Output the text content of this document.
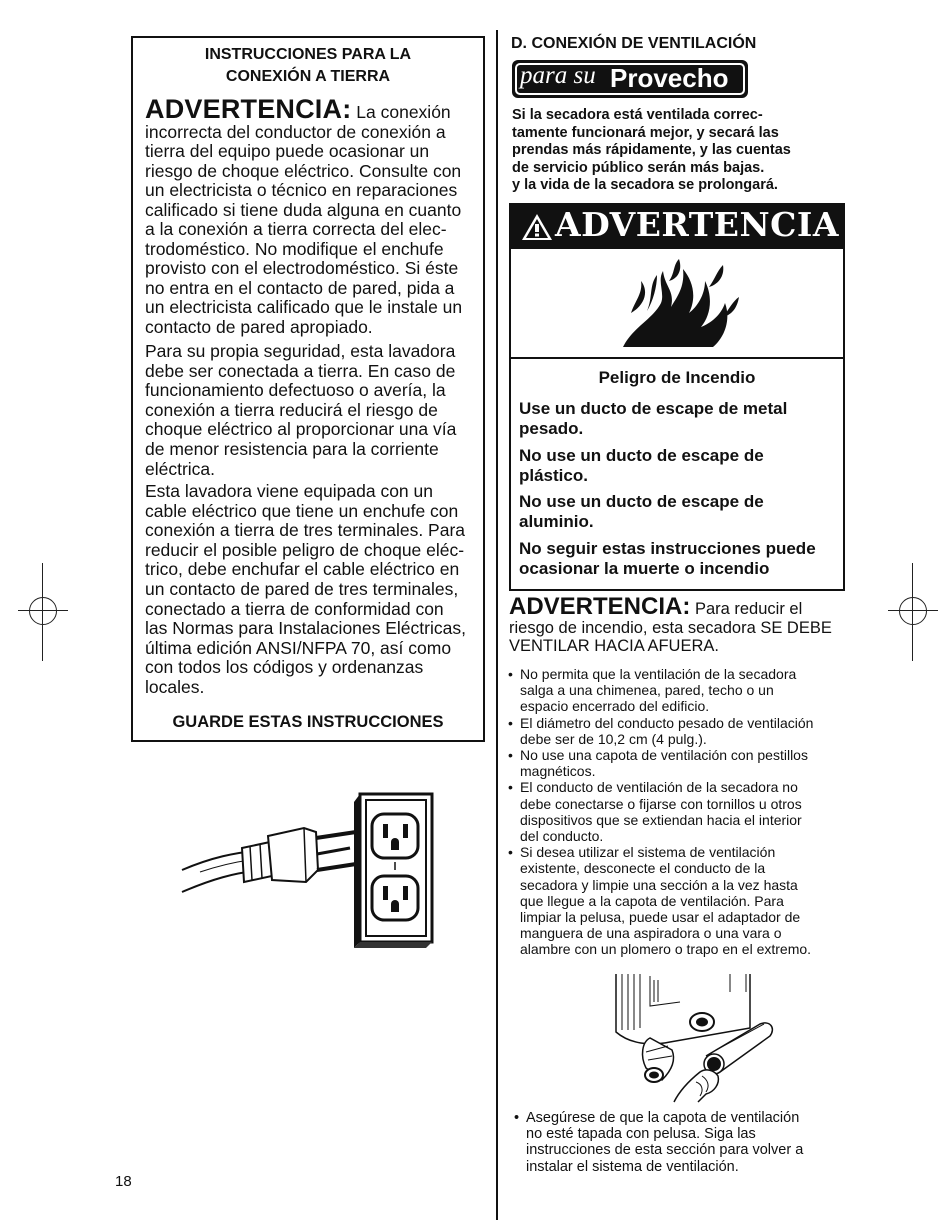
INSTRUCCIONES PARA LA
CONEXIÓN A TIERRA
ADVERTENCIA: La conexión
incorrecta del conductor de conexión a
tierra del equipo puede ocasionar un
riesgo de choque eléctrico. Consulte con
un electricista o técnico en reparaciones
calificado si tiene duda alguna en cuanto
a la conexión a tierra correcta del elec-
trodoméstico. No modifique el enchufe
provisto con el electrodoméstico. Si éste
no entra en el contacto de pared, pida a
un electricista calificado que le instale un
contacto de pared apropiado.
Para su propia seguridad, esta lavadora
debe ser conectada a tierra. En caso de
funcionamiento defectuoso o avería, la
conexión a tierra reducirá el riesgo de
choque eléctrico al proporcionar una vía
de menor resistencia para la corriente
eléctrica.
Esta lavadora viene equipada con un
cable eléctrico que tiene un enchufe con
conexión a tierra de tres terminales. Para
reducir el posible peligro de choque eléc-
trico, debe enchufar el cable eléctrico en
un contacto de pared de tres terminales,
conectado a tierra de conformidad con
las Normas para Instalaciones Eléctricas,
última edición ANSI/NFPA 70, así como
con todos los códigos y ordenanzas
locales.
GUARDE ESTAS INSTRUCCIONES
D. CONEXIÓN DE VENTILACIÓN
para su Provecho
Si la secadora está ventilada correc-
tamente funcionará mejor, y secará las
prendas más rápidamente, y las cuentas
de servicio público serán más bajas.
y la vida de la secadora se prolongará.
ADVERTENCIA
Peligro de Incendio
Use un ducto de escape de metal
pesado.
No use un ducto de escape de
plástico.
No use un ducto de escape de
aluminio.
No seguir estas instrucciones puede
ocasionar la muerte o incendio
ADVERTENCIA: Para reducir el
riesgo de incendio, esta secadora SE DEBE
VENTILAR HACIA AFUERA.
• No permita que la ventilación de la secadora
salga a una chimenea, pared, techo o un
espacio encerrado del edificio.
• El diámetro del conducto pesado de ventilación
debe ser de 10,2 cm (4 pulg.).
• No use una capota de ventilación con pestillos
magnéticos.
• El conducto de ventilación de la secadora no
debe conectarse o fijarse con tornillos u otros
dispositivos que se extiendan hacia el interior
del conducto.
• Si desea utilizar el sistema de ventilación
existente, desconecte el conducto de la
secadora y limpie una sección a la vez hasta
que llegue a la capota de ventilación. Para
limpiar la pelusa, puede usar el adaptador de
manguera de una aspiradora o una vara o
alambre con un plomero o trapo en el extremo.
• Asegúrese de que la capota de ventilación
no esté tapada con pelusa. Siga las
instrucciones de esta sección para volver a
instalar el sistema de ventilación.
18
